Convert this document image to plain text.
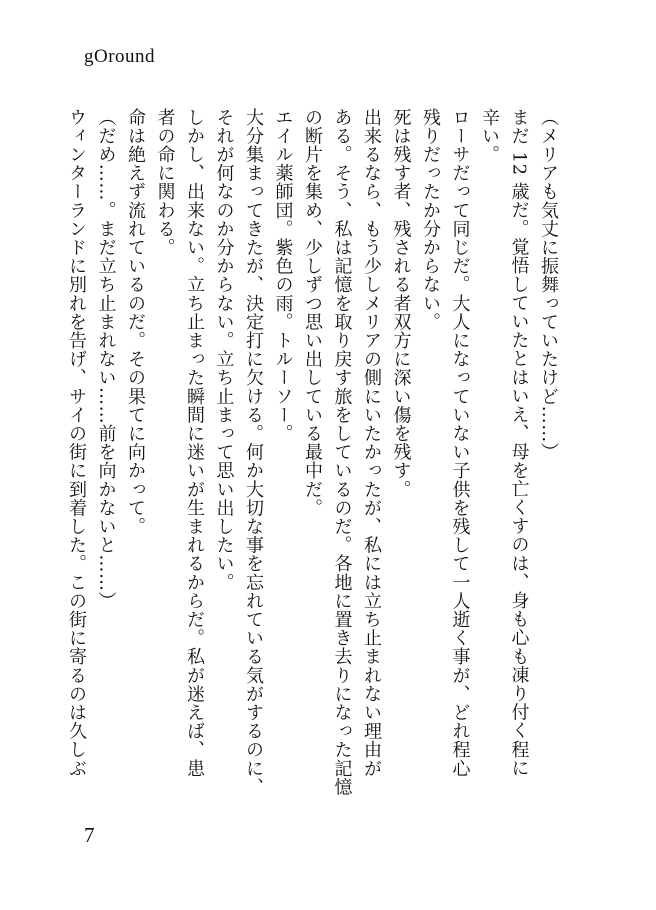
gOround
（メリアも気丈に振舞っていたけど……）
まだ 12 歳だ。覚悟していたとはいえ、母を亡くすのは、身も心も凍り付く程に
辛い。
ローサだって同じだ。大人になっていない子供を残して一人逝く事が、どれ程心
残りだったか分からない。
死は残す者、残される者双方に深い傷を残す。
出来るなら、もう少しメリアの側にいたかったが、私には立ち止まれない理由が
ある。そう、私は記憶を取り戻す旅をしているのだ。各地に置き去りになった記憶
の断片を集め、少しずつ思い出している最中だ。
エイル薬師団。紫色の雨。トルーソー。
大分集まってきたが、決定打に欠ける。何か大切な事を忘れている気がするのに、
それが何なのか分からない。立ち止まって思い出したい。
しかし、出来ない。立ち止まった瞬間に迷いが生まれるからだ。私が迷えば、患
者の命に関わる。
命は絶えず流れているのだ。その果てに向かって。
（だめ……。まだ立ち止まれない……前を向かないと……）
ウィンターランドに別れを告げ、サイの街に到着した。この街に寄るのは久しぶ
7
